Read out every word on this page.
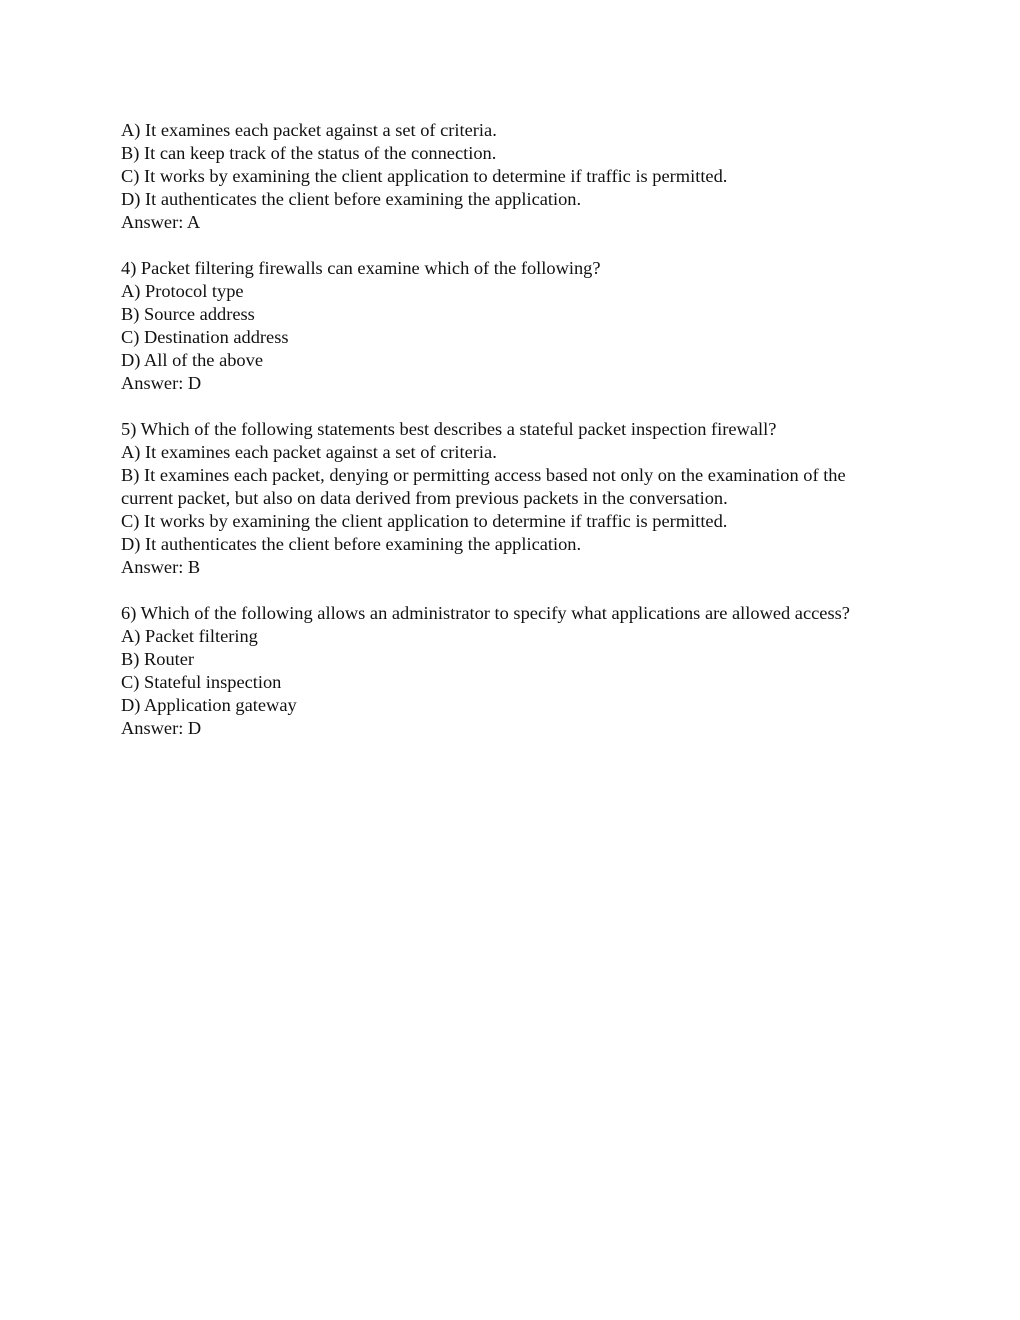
A) It examines each packet against a set of criteria.
B) It can keep track of the status of the connection.
C) It works by examining the client application to determine if traffic is permitted.
D) It authenticates the client before examining the application.
Answer: A
4) Packet filtering firewalls can examine which of the following?
A) Protocol type
B) Source address
C) Destination address
D) All of the above
Answer: D
5) Which of the following statements best describes a stateful packet inspection firewall?
A) It examines each packet against a set of criteria.
B) It examines each packet, denying or permitting access based not only on the examination of the current packet, but also on data derived from previous packets in the conversation.
C) It works by examining the client application to determine if traffic is permitted.
D) It authenticates the client before examining the application.
Answer: B
6) Which of the following allows an administrator to specify what applications are allowed access?
A) Packet filtering
B) Router
C) Stateful inspection
D) Application gateway
Answer: D
